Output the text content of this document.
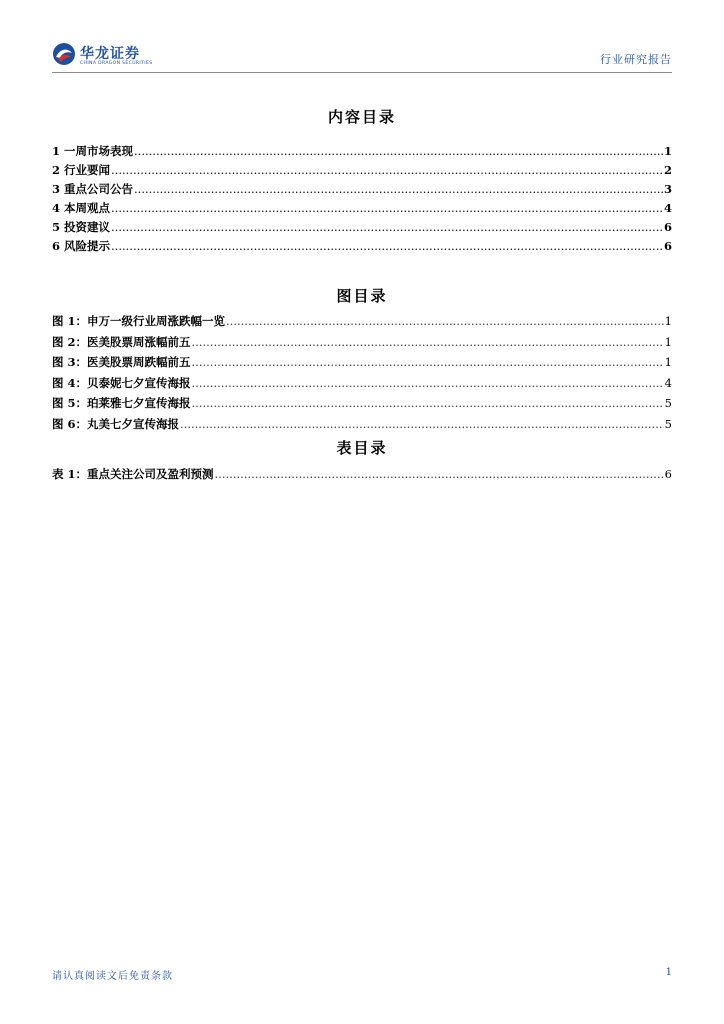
华龙证券
CHINA DRAGON SECURITIES	行业研究报告
内容目录
1 一周市场表现 .....	1
2 行业要闻 .....	2
3 重点公司公告 .....	3
4 本周观点 .....	4
5 投资建议 .....	6
6 风险提示 .....	6
图目录
图 1：申万一级行业周涨跌幅一览 .....	1
图 2：医美股票周涨幅前五 .....	1
图 3：医美股票周跌幅前五 .....	1
图 4：贝泰妮七夕宣传海报 .....	4
图 5：珀莱雅七夕宣传海报 .....	5
图 6：丸美七夕宣传海报 .....	5
表目录
表 1：重点关注公司及盈利预测 .....	6
请认真阅读文后免责条款	1
